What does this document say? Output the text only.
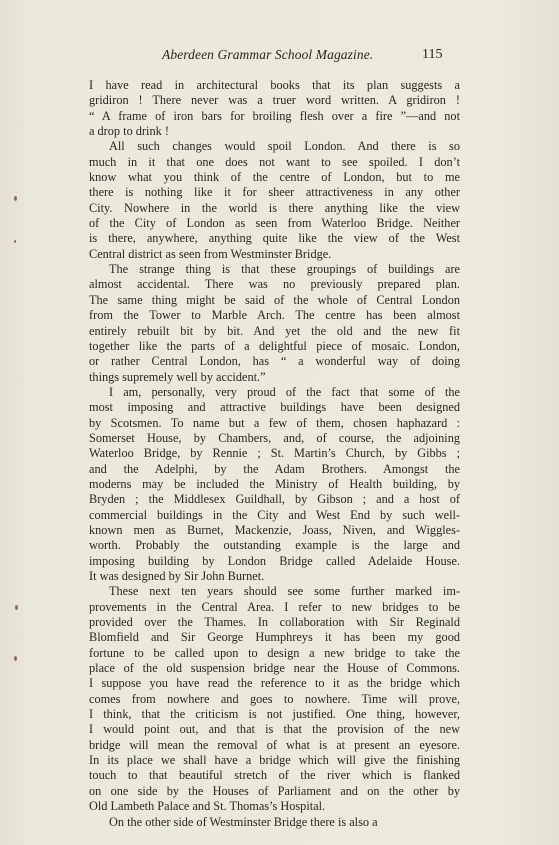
Aberdeen Grammar School Magazine.	115
I have read in architectural books that its plan suggests a
gridiron ! There never was a truer word written. A gridiron !
“ A frame of iron bars for broiling flesh over a fire ”—and not
a drop to drink !
All such changes would spoil London. And there is so
much in it that one does not want to see spoiled. I don’t
know what you think of the centre of London, but to me
there is nothing like it for sheer attractiveness in any other
City. Nowhere in the world is there anything like the view
of the City of London as seen from Waterloo Bridge. Neither
is there, anywhere, anything quite like the view of the West
Central district as seen from Westminster Bridge.
The strange thing is that these groupings of buildings are
almost accidental. There was no previously prepared plan.
The same thing might be said of the whole of Central London
from the Tower to Marble Arch. The centre has been almost
entirely rebuilt bit by bit. And yet the old and the new fit
together like the parts of a delightful piece of mosaic. London,
or rather Central London, has “ a wonderful way of doing
things supremely well by accident.”
I am, personally, very proud of the fact that some of the
most imposing and attractive buildings have been designed
by Scotsmen. To name but a few of them, chosen haphazard :
Somerset House, by Chambers, and, of course, the adjoining
Waterloo Bridge, by Rennie ; St. Martin’s Church, by Gibbs ;
and the Adelphi, by the Adam Brothers. Amongst the
moderns may be included the Ministry of Health building, by
Bryden ; the Middlesex Guildhall, by Gibson ; and a host of
commercial buildings in the City and West End by such well-
known men as Burnet, Mackenzie, Joass, Niven, and Wiggles-
worth. Probably the outstanding example is the large and
imposing building by London Bridge called Adelaide House.
It was designed by Sir John Burnet.
These next ten years should see some further marked im-
provements in the Central Area. I refer to new bridges to be
provided over the Thames. In collaboration with Sir Reginald
Blomfield and Sir George Humphreys it has been my good
fortune to be called upon to design a new bridge to take the
place of the old suspension bridge near the House of Commons.
I suppose you have read the reference to it as the bridge which
comes from nowhere and goes to nowhere. Time will prove,
I think, that the criticism is not justified. One thing, however,
I would point out, and that is that the provision of the new
bridge will mean the removal of what is at present an eyesore.
In its place we shall have a bridge which will give the finishing
touch to that beautiful stretch of the river which is flanked
on one side by the Houses of Parliament and on the other by
Old Lambeth Palace and St. Thomas’s Hospital.
On the other side of Westminster Bridge there is also a
